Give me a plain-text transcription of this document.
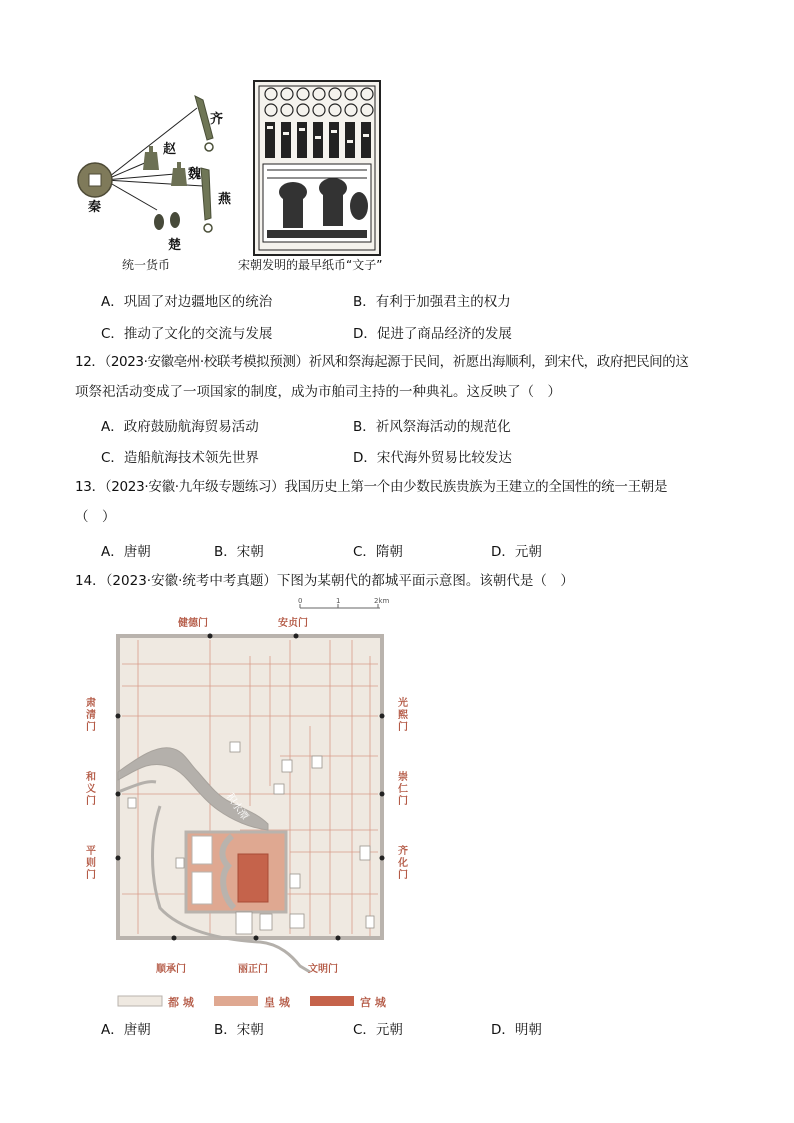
齐
赵
魏
燕
楚
秦
统一货币	宋朝发明的最早纸币“文子”
A．巩固了对边疆地区的统治	B．有利于加强君主的权力
C．推动了文化的交流与发展	D．促进了商品经济的发展
12．（2023·安徽亳州·校联考模拟预测）祈风和祭海起源于民间，祈愿出海顺利，到宋代，政府把民间的这
项祭祀活动变成了一项国家的制度，成为市舶司主持的一种典礼。这反映了（　）
A．政府鼓励航海贸易活动	B．祈风祭海活动的规范化
C．造船航海技术领先世界	D．宋代海外贸易比较发达
13．（2023·安徽·九年级专题练习）我国历史上第一个由少数民族贵族为王建立的全国性的统一王朝是
（　）
A．唐朝	B．宋朝	C．隋朝	D．元朝
14．（2023·安徽·统考中考真题）下图为某朝代的都城平面示意图。该朝代是（　）
0	1	2km
积水潭
都 城	皇 城	宫 城
健德门	安贞门
肃清门
和义门
平则门
光熙门
崇仁门
齐化门
顺承门	丽正门	文明门
A．唐朝	B．宋朝	C．元朝	D．明朝
